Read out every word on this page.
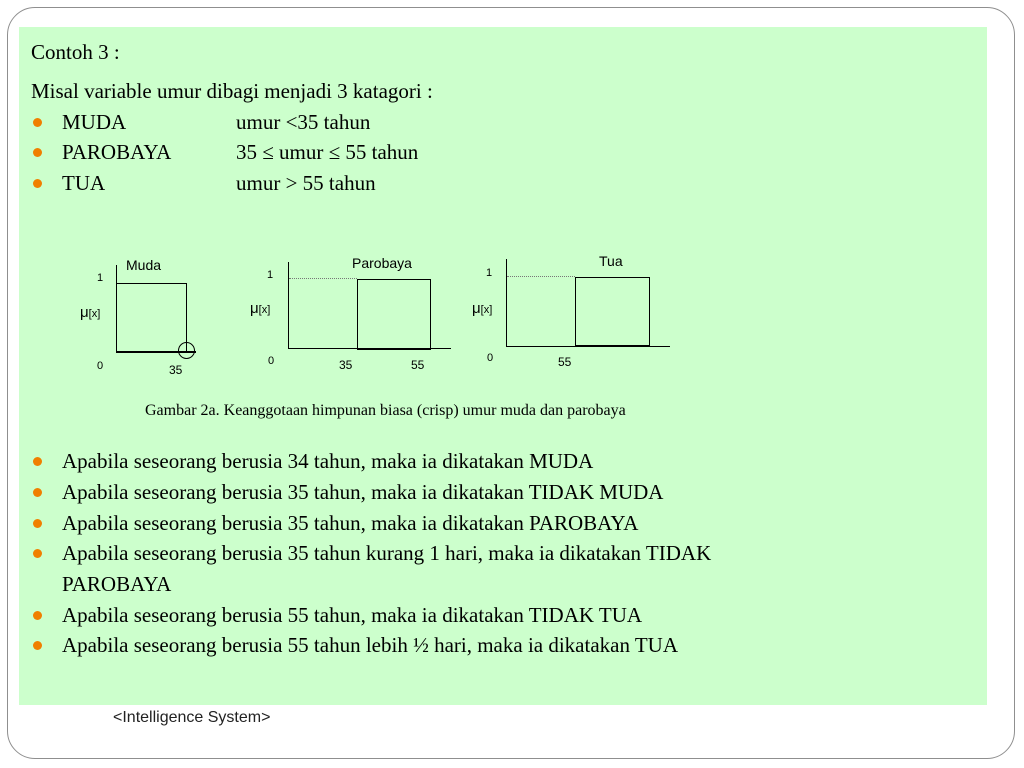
Contoh 3 :
Misal variable umur dibagi menjadi 3 katagori :
MUDA	umur <35 tahun
PAROBAYA	35 ≤ umur ≤ 55 tahun
TUA	umur > 55 tahun
Muda
1
μ[x]
0	35
Parobaya
1
μ[x]
0	35	55
Tua
1
μ[x]
0	55
Gambar 2a. Keanggotaan himpunan biasa (crisp) umur muda dan parobaya
Apabila seseorang berusia 34 tahun, maka ia dikatakan MUDA
Apabila seseorang berusia 35 tahun, maka ia dikatakan TIDAK MUDA
Apabila seseorang berusia 35 tahun, maka ia dikatakan PAROBAYA
Apabila seseorang berusia 35 tahun kurang 1 hari, maka ia dikatakan TIDAK
PAROBAYA
Apabila seseorang berusia 55 tahun, maka ia dikatakan TIDAK TUA
Apabila seseorang berusia 55 tahun lebih ½ hari, maka ia dikatakan TUA
<Intelligence System>
